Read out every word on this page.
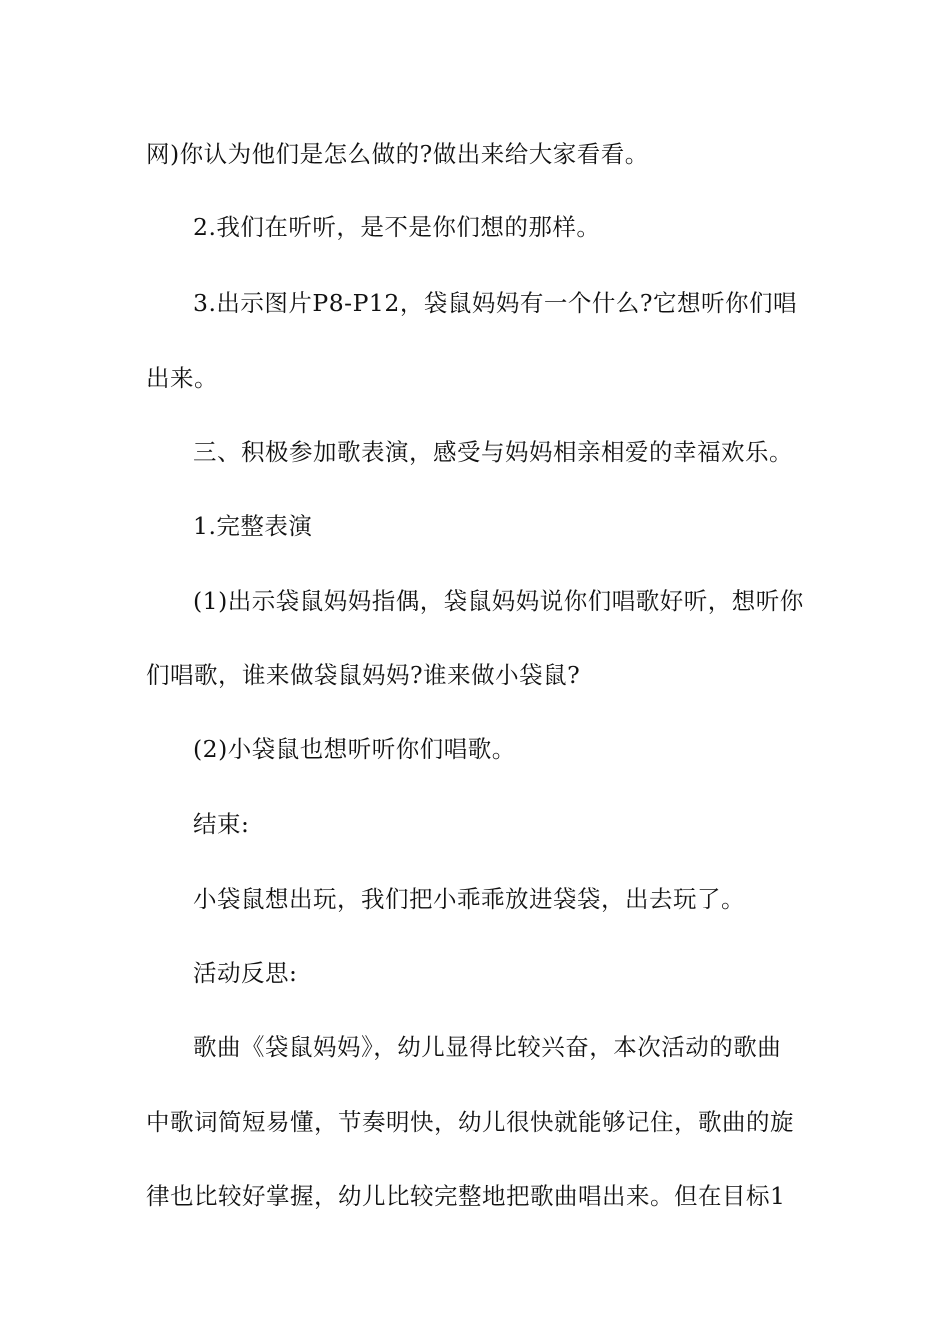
网)你认为他们是怎么做的?做出来给大家看看。
2.我们在听听，是不是你们想的那样。
3.出示图片P8-P12，袋鼠妈妈有一个什么?它想听你们唱
出来。
三、积极参加歌表演，感受与妈妈相亲相爱的幸福欢乐。
1.完整表演
(1)出示袋鼠妈妈指偶，袋鼠妈妈说你们唱歌好听，想听你
们唱歌，谁来做袋鼠妈妈?谁来做小袋鼠?
(2)小袋鼠也想听听你们唱歌。
结束:
小袋鼠想出玩，我们把小乖乖放进袋袋，出去玩了。
活动反思:
歌曲《袋鼠妈妈》，幼儿显得比较兴奋，本次活动的歌曲
中歌词简短易懂，节奏明快，幼儿很快就能够记住，歌曲的旋
律也比较好掌握，幼儿比较完整地把歌曲唱出来。但在目标1
